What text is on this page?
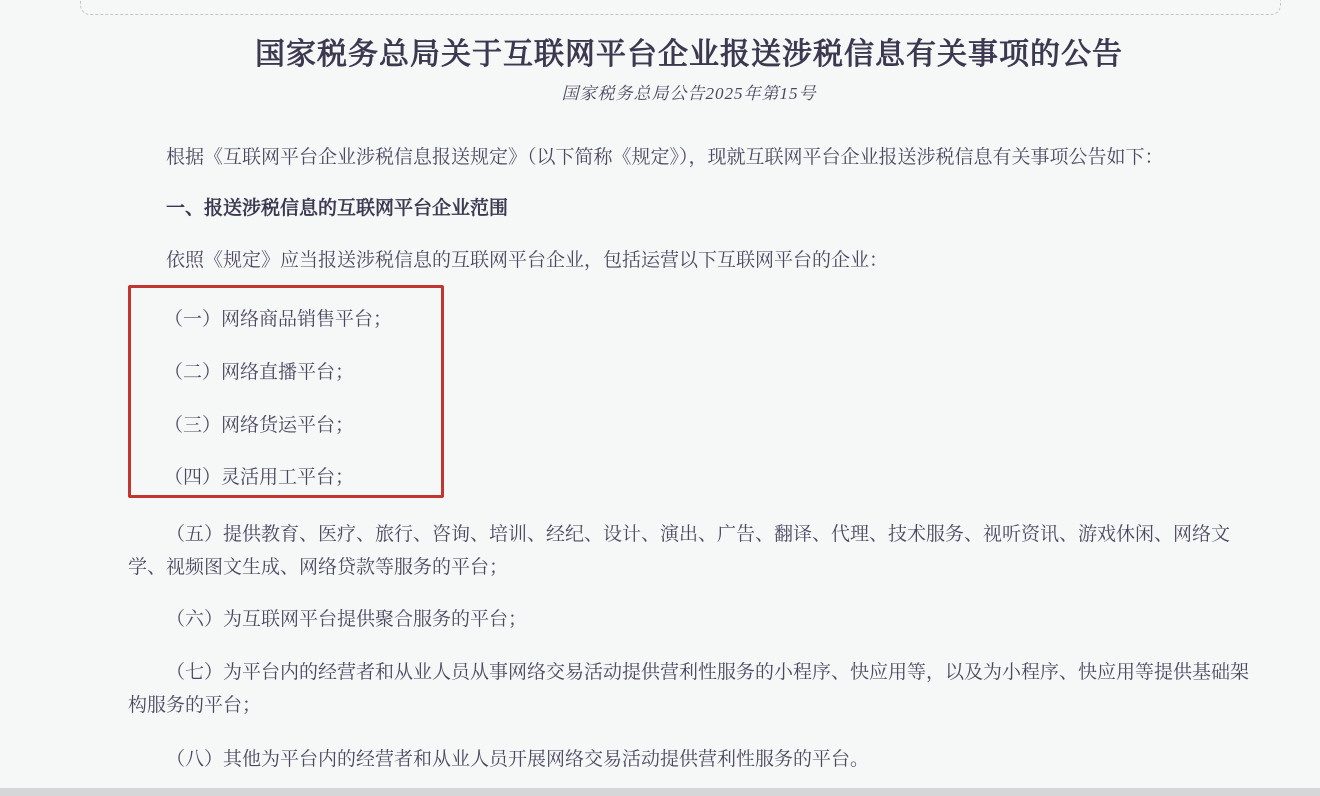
国家税务总局关于互联网平台企业报送涉税信息有关事项的公告
国家税务总局公告2025年第15号

根据《互联网平台企业涉税信息报送规定》（以下简称《规定》），现就互联网平台企业报送涉税信息有关事项公告如下：

一、报送涉税信息的互联网平台企业范围

依照《规定》应当报送涉税信息的互联网平台企业，包括运营以下互联网平台的企业：

（一）网络商品销售平台；

（二）网络直播平台；

（三）网络货运平台；

（四）灵活用工平台；

（五）提供教育、医疗、旅行、咨询、培训、经纪、设计、演出、广告、翻译、代理、技术服务、视听资讯、游戏休闲、网络文学、视频图文生成、网络贷款等服务的平台；

（六）为互联网平台提供聚合服务的平台；

（七）为平台内的经营者和从业人员从事网络交易活动提供营利性服务的小程序、快应用等，以及为小程序、快应用等提供基础架构服务的平台；

（八）其他为平台内的经营者和从业人员开展网络交易活动提供营利性服务的平台。
